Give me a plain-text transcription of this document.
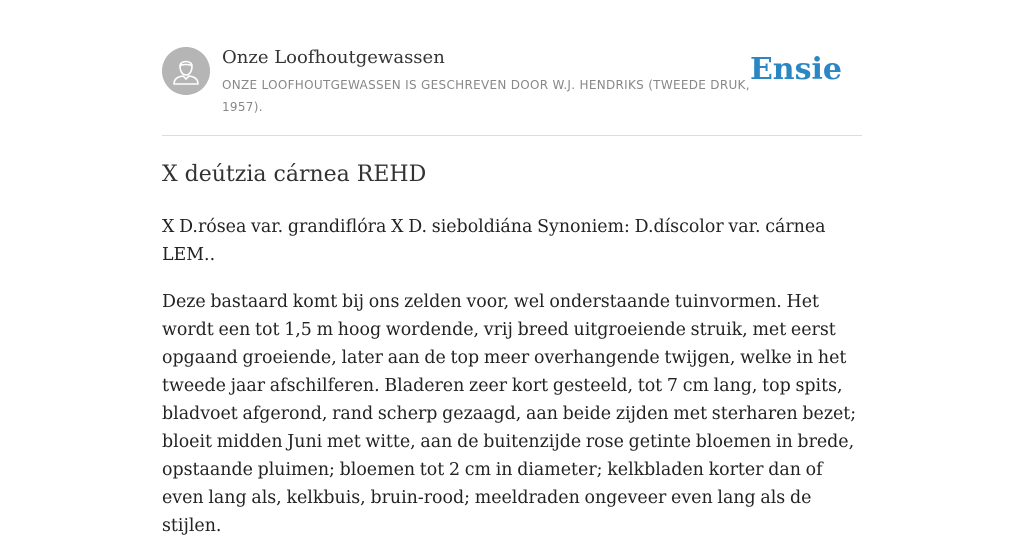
Onze Loofhoutgewassen
ONZE LOOFHOUTGEWASSEN IS GESCHREVEN DOOR W.J. HENDRIKS (TWEEDE DRUK, 1957).
Ensie
X deútzia cárnea REHD

X D.rósea var. grandiflóra X D. sieboldiána Synoniem: D.díscolor var. cárnea LEM..

Deze bastaard komt bij ons zelden voor, wel onderstaande tuinvormen. Het wordt een tot 1,5 m hoog wordende, vrij breed uitgroeiende struik, met eerst opgaand groeiende, later aan de top meer overhangende twijgen, welke in het tweede jaar afschilferen. Bladeren zeer kort gesteeld, tot 7 cm lang, top spits, bladvoet afgerond, rand scherp gezaagd, aan beide zijden met sterharen bezet; bloeit midden Juni met witte, aan de buitenzijde rose getinte bloemen in brede, opstaande pluimen; bloemen tot 2 cm in diameter; kelkbladen korter dan of even lang als, kelkbuis, bruin-rood; meeldraden ongeveer even lang als de stijlen.
